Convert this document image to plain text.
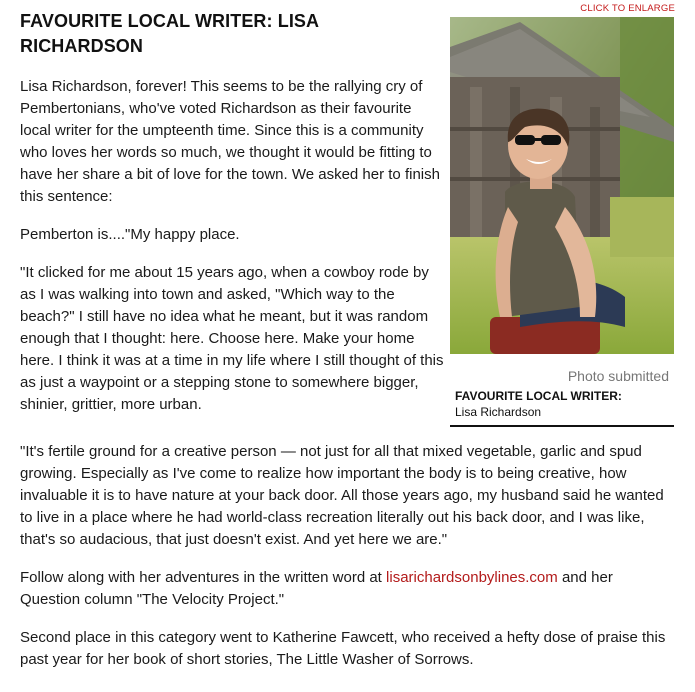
FAVOURITE LOCAL WRITER: LISA RICHARDSON

Lisa Richardson, forever! This seems to be the rallying cry of Pembertonians, who've voted Richardson as their favourite local writer for the umpteenth time. Since this is a community who loves her words so much, we thought it would be fitting to have her share a bit of love for the town. We asked her to finish this sentence:

Pemberton is...."My happy place.

"It clicked for me about 15 years ago, when a cowboy rode by as I was walking into town and asked, "Which way to the beach?" I still have no idea what he meant, but it was random enough that I thought: here. Choose here. Make your home here. I think it was at a time in my life where I still thought of this as just a waypoint or a stepping stone to somewhere bigger, shinier, grittier, more urban.

"It's fertile ground for a creative person — not just for all that mixed vegetable, garlic and spud growing. Especially as I've come to realize how important the body is to being creative, how invaluable it is to have nature at your back door. All those years ago, my husband said he wanted to live in a place where he had world-class recreation literally out his back door, and I was like, that's so audacious, that just doesn't exist. And yet here we are."

Follow along with her adventures in the written word at lisarichardsonbylines.com and her Question column "The Velocity Project."

Second place in this category went to Katherine Fawcett, who received a hefty dose of praise this past year for her book of short stories, The Little Washer of Sorrows.

CLICK TO ENLARGE
Photo submitted
FAVOURITE LOCAL WRITER:
Lisa Richardson
